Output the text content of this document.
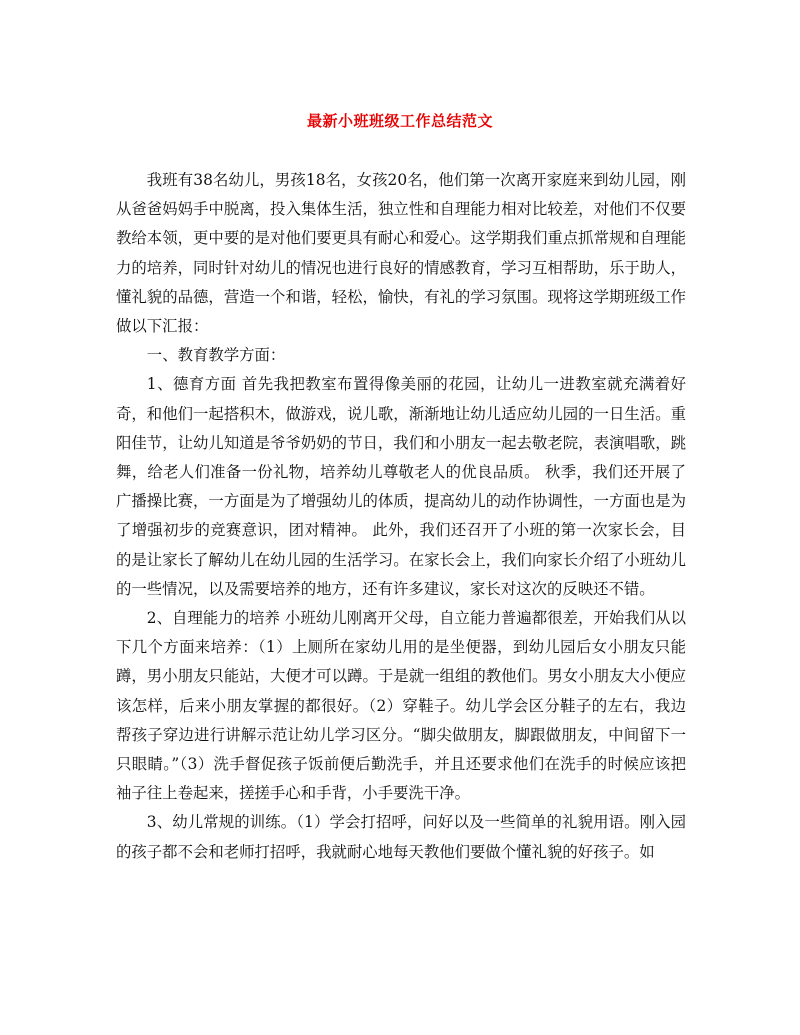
最新小班班级工作总结范文

我班有38名幼儿，男孩18名，女孩20名，他们第一次离开家庭来到幼儿园，刚从爸爸妈妈手中脱离，投入集体生活，独立性和自理能力相对比较差，对他们不仅要教给本领，更中要的是对他们要更具有耐心和爱心。这学期我们重点抓常规和自理能力的培养，同时针对幼儿的情况也进行良好的情感教育，学习互相帮助，乐于助人，懂礼貌的品德，营造一个和谐，轻松，愉快，有礼的学习氛围。现将这学期班级工作做以下汇报：

一、教育教学方面：

1、德育方面 首先我把教室布置得像美丽的花园，让幼儿一进教室就充满着好奇，和他们一起搭积木，做游戏，说儿歌，渐渐地让幼儿适应幼儿园的一日生活。重阳佳节，让幼儿知道是爷爷奶奶的节日，我们和小朋友一起去敬老院，表演唱歌，跳舞，给老人们准备一份礼物，培养幼儿尊敬老人的优良品质。 秋季，我们还开展了广播操比赛，一方面是为了增强幼儿的体质，提高幼儿的动作协调性，一方面也是为了增强初步的竞赛意识，团对精神。 此外，我们还召开了小班的第一次家长会，目的是让家长了解幼儿在幼儿园的生活学习。在家长会上，我们向家长介绍了小班幼儿的一些情况，以及需要培养的地方，还有许多建议，家长对这次的反映还不错。

2、自理能力的培养 小班幼儿刚离开父母，自立能力普遍都很差，开始我们从以下几个方面来培养：（1）上厕所在家幼儿用的是坐便器，到幼儿园后女小朋友只能蹲，男小朋友只能站，大便才可以蹲。于是就一组组的教他们。男女小朋友大小便应该怎样，后来小朋友掌握的都很好。（2）穿鞋子。幼儿学会区分鞋子的左右，我边帮孩子穿边进行讲解示范让幼儿学习区分。“脚尖做朋友，脚跟做朋友，中间留下一只眼睛。”（3）洗手督促孩子饭前便后勤洗手，并且还要求他们在洗手的时候应该把袖子往上卷起来，搓搓手心和手背，小手要洗干净。

3、幼儿常规的训练。（1）学会打招呼，问好以及一些简单的礼貌用语。刚入园的孩子都不会和老师打招呼，我就耐心地每天教他们要做个懂礼貌的好孩子。如
